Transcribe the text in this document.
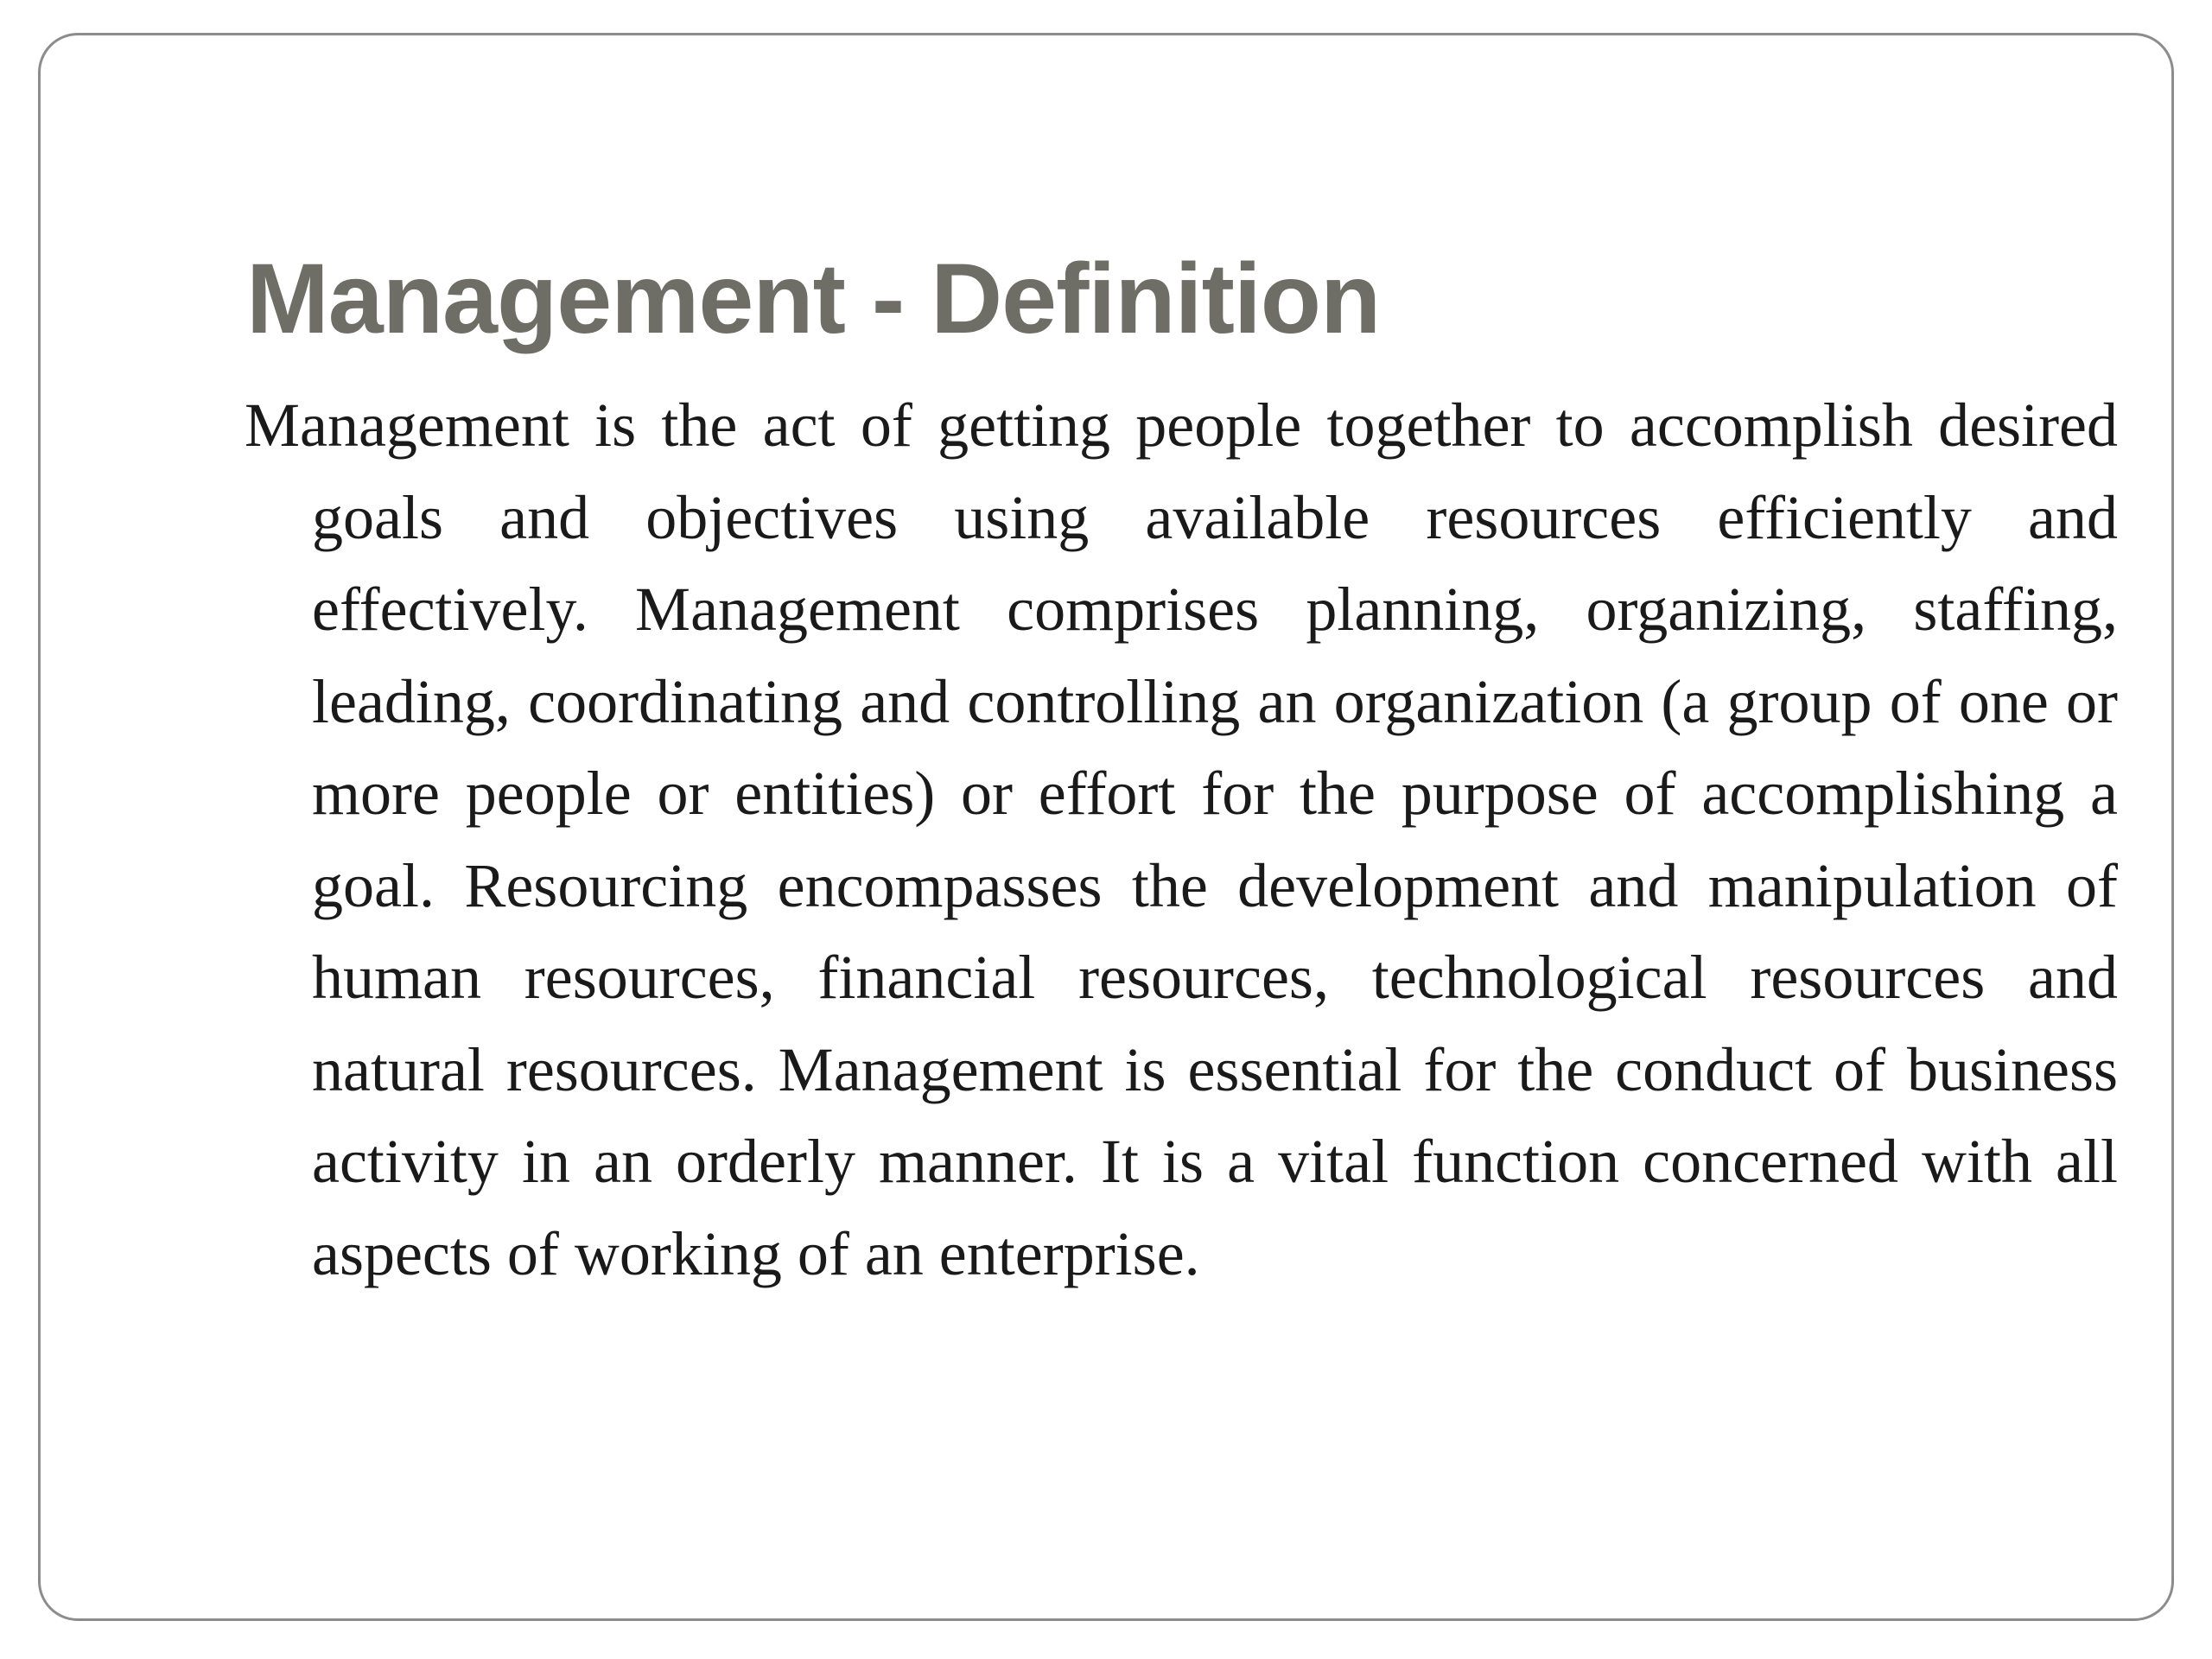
Management - Definition

Management is the act of getting people together to accomplish desired goals and objectives using available resources efficiently and effectively. Management comprises planning, organizing, staffing, leading, coordinating and controlling an organization (a group of one or more people or entities) or effort for the purpose of accomplishing a goal. Resourcing encompasses the development and manipulation of human resources, financial resources, technological resources and natural resources. Management is essential for the conduct of business activity in an orderly manner. It is a vital function concerned with all aspects of working of an enterprise.
